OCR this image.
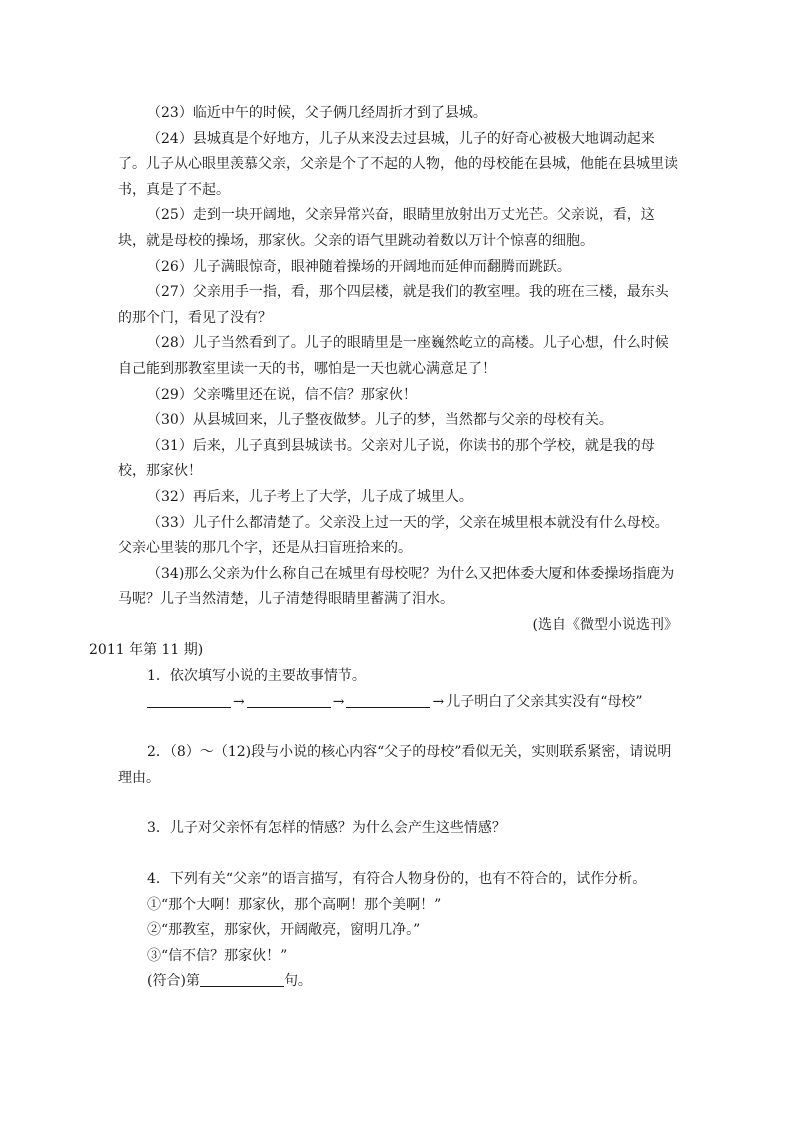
（23）临近中午的时候，父子俩几经周折才到了县城。

（24）县城真是个好地方，儿子从来没去过县城，儿子的好奇心被极大地调动起来了。儿子从心眼里羡慕父亲，父亲是个了不起的人物，他的母校能在县城，他能在县城里读书，真是了不起。

（25）走到一块开阔地，父亲异常兴奋，眼睛里放射出万丈光芒。父亲说，看，这块，就是母校的操场，那家伙。父亲的语气里跳动着数以万计个惊喜的细胞。

（26）儿子满眼惊奇，眼神随着操场的开阔地而延伸而翻腾而跳跃。

（27）父亲用手一指，看，那个四层楼，就是我们的教室哩。我的班在三楼，最东头的那个门，看见了没有？

（28）儿子当然看到了。儿子的眼睛里是一座巍然屹立的高楼。儿子心想，什么时候自己能到那教室里读一天的书，哪怕是一天也就心满意足了！

（29）父亲嘴里还在说，信不信？那家伙！

（30）从县城回来，儿子整夜做梦。儿子的梦，当然都与父亲的母校有关。

（31）后来，儿子真到县城读书。父亲对儿子说，你读书的那个学校，就是我的母校，那家伙！

（32）再后来，儿子考上了大学，儿子成了城里人。

（33）儿子什么都清楚了。父亲没上过一天的学，父亲在城里根本就没有什么母校。父亲心里装的那几个字，还是从扫盲班拾来的。

（34)那么父亲为什么称自己在城里有母校呢？为什么又把体委大厦和体委操场指鹿为马呢？儿子当然清楚，儿子清楚得眼睛里蓄满了泪水。

(选自《微型小说选刊》

2011 年第 11 期)

1．依次填写小说的主要故事情节。

→	→	→ 儿子明白了父亲其实没有“母校”

2．（8）～（12)段与小说的核心内容“父子的母校”看似无关，实则联系紧密，请说明理由。

3．儿子对父亲怀有怎样的情感？为什么会产生这些情感？

4．下列有关“父亲”的语言描写，有符合人物身份的，也有不符合的，试作分析。

①“那个大啊！那家伙，那个高啊！那个美啊！”

②“那教室，那家伙，开阔敞亮，窗明几净。”

③“信不信？那家伙！”

(符合)第	句。
